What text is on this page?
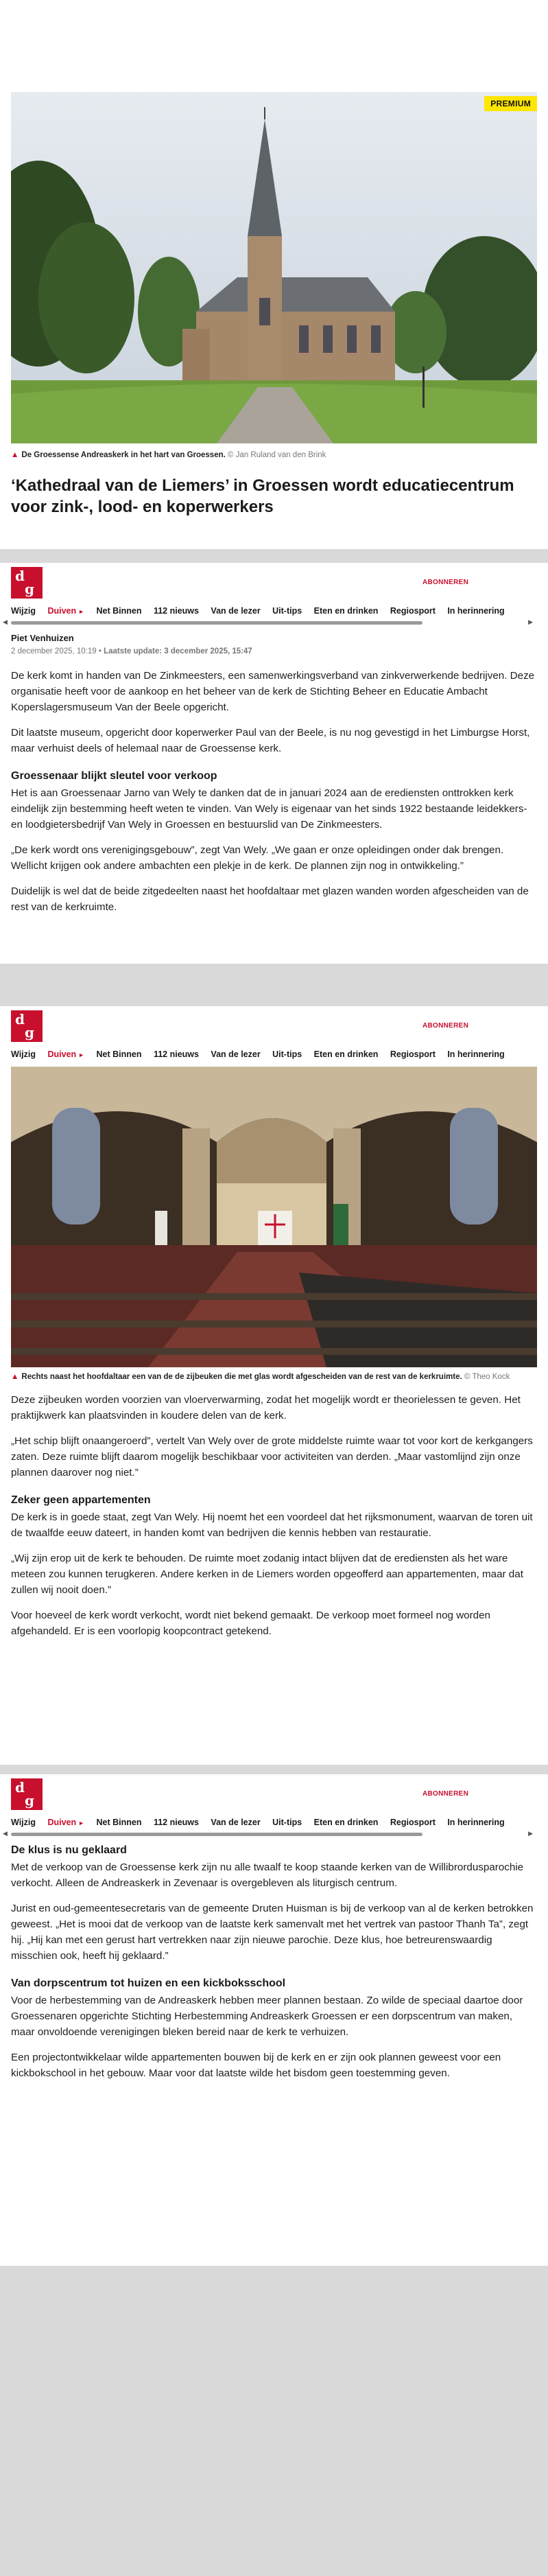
PREMIUM
▲ De Groessense Andreaskerk in het hart van Groessen. © Jan Ruland van den Brink
‘Kathedraal van de Liemers’ in Groessen wordt educatiecentrum voor zink-, lood- en koperwerkers
d
g	ABONNEREN
Wijzig Duiven ► Net Binnen 112 nieuws Van de lezer Uit-tips Eten en drinken Regiosport In herinnering
◀	▶
Piet Venhuizen
2 december 2025, 10:19 • Laatste update: 3 december 2025, 15:47

De kerk komt in handen van De Zinkmeesters, een samenwerkingsverband van zinkverwerkende bedrijven. Deze organisatie heeft voor de aankoop en het beheer van de kerk de Stichting Beheer en Educatie Ambacht Koperslagersmuseum Van der Beele opgericht.

Dit laatste museum, opgericht door koperwerker Paul van der Beele, is nu nog gevestigd in het Limburgse Horst, maar verhuist deels of helemaal naar de Groessense kerk.

Groessenaar blijkt sleutel voor verkoop

Het is aan Groessenaar Jarno van Wely te danken dat de in januari 2024 aan de erediensten onttrokken kerk eindelijk zijn bestemming heeft weten te vinden. Van Wely is eigenaar van het sinds 1922 bestaande leidekkers- en loodgietersbedrijf Van Wely in Groessen en bestuurslid van De Zinkmeesters.

„De kerk wordt ons verenigingsgebouw”, zegt Van Wely. „We gaan er onze opleidingen onder dak brengen. Wellicht krijgen ook andere ambachten een plekje in de kerk. De plannen zijn nog in ontwikkeling.”

Duidelijk is wel dat de beide zitgedeelten naast het hoofdaltaar met glazen wanden worden afgescheiden van de rest van de kerkruimte.

d
g	ABONNEREN
Wijzig Duiven ► Net Binnen 112 nieuws Van de lezer Uit-tips Eten en drinken Regiosport In herinnering
▲ Rechts naast het hoofdaltaar een van de de zijbeuken die met glas wordt afgescheiden van de rest van de kerkruimte. © Theo Kock

Deze zijbeuken worden voorzien van vloerverwarming, zodat het mogelijk wordt er theorielessen te geven. Het praktijkwerk kan plaatsvinden in koudere delen van de kerk.

„Het schip blijft onaangeroerd”, vertelt Van Wely over de grote middelste ruimte waar tot voor kort de kerkgangers zaten. Deze ruimte blijft daarom mogelijk beschikbaar voor activiteiten van derden. „Maar vastomlijnd zijn onze plannen daarover nog niet.”

Zeker geen appartementen

De kerk is in goede staat, zegt Van Wely. Hij noemt het een voordeel dat het rijksmonument, waarvan de toren uit de twaalfde eeuw dateert, in handen komt van bedrijven die kennis hebben van restauratie.

„Wij zijn erop uit de kerk te behouden. De ruimte moet zodanig intact blijven dat de erediensten als het ware meteen zou kunnen terugkeren. Andere kerken in de Liemers worden opgeofferd aan appartementen, maar dat zullen wij nooit doen.”

Voor hoeveel de kerk wordt verkocht, wordt niet bekend gemaakt. De verkoop moet formeel nog worden afgehandeld. Er is een voorlopig koopcontract getekend.

d
g	ABONNEREN
Wijzig Duiven ► Net Binnen 112 nieuws Van de lezer Uit-tips Eten en drinken Regiosport In herinnering
◀	▶
De klus is nu geklaard

Met de verkoop van de Groessense kerk zijn nu alle twaalf te koop staande kerken van de Willibrordusparochie verkocht. Alleen de Andreaskerk in Zevenaar is overgebleven als liturgisch centrum.

Jurist en oud-gemeentesecretaris van de gemeente Druten Huisman is bij de verkoop van al de kerken betrokken geweest. „Het is mooi dat de verkoop van de laatste kerk samenvalt met het vertrek van pastoor Thanh Ta”, zegt hij. „Hij kan met een gerust hart vertrekken naar zijn nieuwe parochie. Deze klus, hoe betreurenswaardig misschien ook, heeft hij geklaard.”

Van dorpscentrum tot huizen en een kickboksschool

Voor de herbestemming van de Andreaskerk hebben meer plannen bestaan. Zo wilde de speciaal daartoe door Groessenaren opgerichte Stichting Herbestemming Andreaskerk Groessen er een dorpscentrum van maken, maar onvoldoende verenigingen bleken bereid naar de kerk te verhuizen.

Een projectontwikkelaar wilde appartementen bouwen bij de kerk en er zijn ook plannen geweest voor een kickbokschool in het gebouw. Maar voor dat laatste wilde het bisdom geen toestemming geven.
